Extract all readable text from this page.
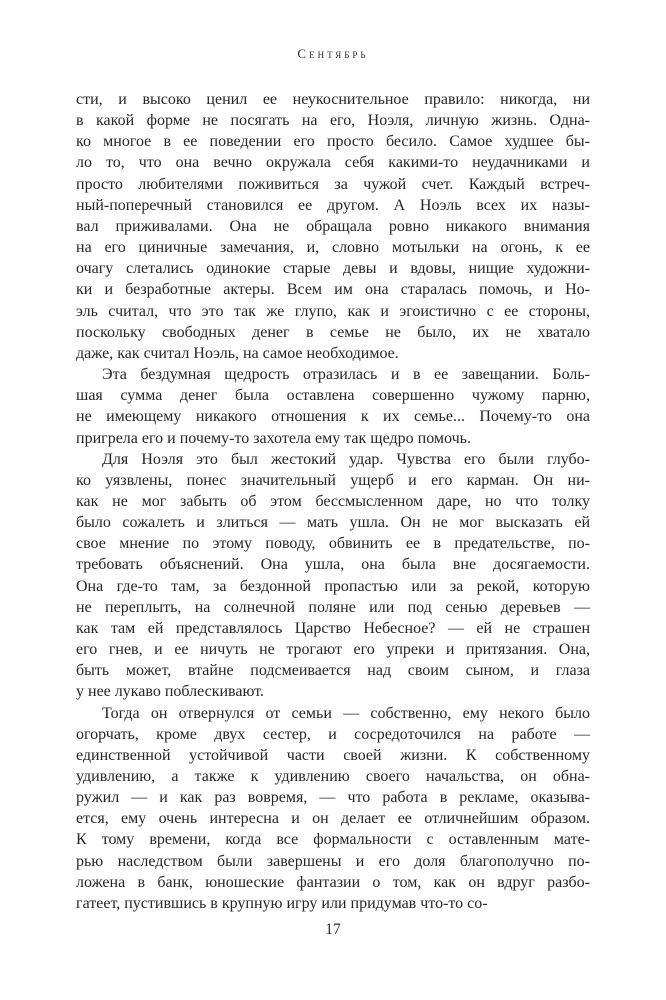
Сентябрь
сти, и высоко ценил ее неукоснительное правило: никогда, ни
в какой форме не посягать на его, Ноэля, личную жизнь. Одна-
ко многое в ее поведении его просто бесило. Самое худшее бы-
ло то, что она вечно окружала себя какими-то неудачниками и
просто любителями поживиться за чужой счет. Каждый встреч-
ный-поперечный становился ее другом. А Ноэль всех их назы-
вал приживалами. Она не обращала ровно никакого внимания
на его циничные замечания, и, словно мотыльки на огонь, к ее
очагу слетались одинокие старые девы и вдовы, нищие художни-
ки и безработные актеры. Всем им она старалась помочь, и Но-
эль считал, что это так же глупо, как и эгоистично с ее стороны,
поскольку свободных денег в семье не было, их не хватало
даже, как считал Ноэль, на самое необходимое.
Эта бездумная щедрость отразилась и в ее завещании. Боль-
шая сумма денег была оставлена совершенно чужому парню,
не имеющему никакого отношения к их семье... Почему-то она
пригрела его и почему-то захотела ему так щедро помочь.
Для Ноэля это был жестокий удар. Чувства его были глубо-
ко уязвлены, понес значительный ущерб и его карман. Он ни-
как не мог забыть об этом бессмысленном даре, но что толку
было сожалеть и злиться — мать ушла. Он не мог высказать ей
свое мнение по этому поводу, обвинить ее в предательстве, по-
требовать объяснений. Она ушла, она была вне досягаемости.
Она где-то там, за бездонной пропастью или за рекой, которую
не переплыть, на солнечной поляне или под сенью деревьев —
как там ей представлялось Царство Небесное? — ей не страшен
его гнев, и ее ничуть не трогают его упреки и притязания. Она,
быть может, втайне подсмеивается над своим сыном, и глаза
у нее лукаво поблескивают.
Тогда он отвернулся от семьи — собственно, ему некого было
огорчать, кроме двух сестер, и сосредоточился на работе —
единственной устойчивой части своей жизни. К собственному
удивлению, а также к удивлению своего начальства, он обна-
ружил — и как раз вовремя, — что работа в рекламе, оказыва-
ется, ему очень интересна и он делает ее отличнейшим образом.
К тому времени, когда все формальности с оставленным мате-
рью наследством были завершены и его доля благополучно по-
ложена в банк, юношеские фантазии о том, как он вдруг разбо-
гатеет, пустившись в крупную игру или придумав что-то со-
17
